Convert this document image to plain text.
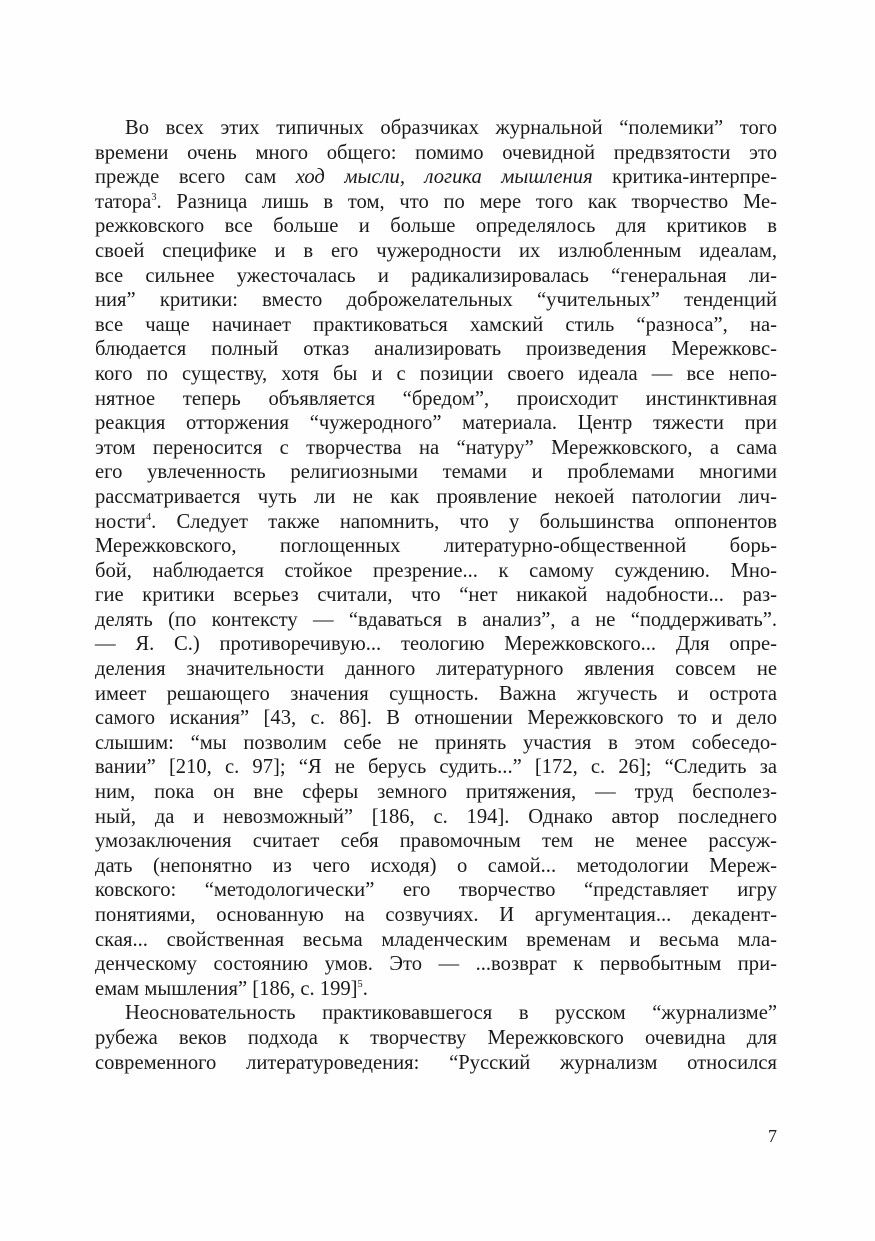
Во всех этих типичных образчиках журнальной “полемики” того
времени очень много общего: помимо очевидной предвзятости это
прежде всего сам ход мысли, логика мышления критика-интерпре-
татора$^3$. Разница лишь в том, что по мере того как творчество Ме-
режковского все больше и больше определялось для критиков в
своей специфике и в его чужеродности их излюбленным идеалам,
все сильнее ужесточалась и радикализировалась “генеральная ли-
ния” критики: вместо доброжелательных “учительных” тенденций
все чаще начинает практиковаться хамский стиль “разноса”, на-
блюдается полный отказ анализировать произведения Мережковс-
кого по существу, хотя бы и с позиции своего идеала — все непо-
нятное теперь объявляется “бредом”, происходит инстинктивная
реакция отторжения “чужеродного” материала. Центр тяжести при
этом переносится с творчества на “натуру” Мережковского, а сама
его увлеченность религиозными темами и проблемами многими
рассматривается чуть ли не как проявление некоей патологии лич-
ности$^4$. Следует также напомнить, что у большинства оппонентов
Мережковского, поглощенных литературно-общественной борь-
бой, наблюдается стойкое презрение... к самому суждению. Мно-
гие критики всерьез считали, что “нет никакой надобности... раз-
делять (по контексту — “вдаваться в анализ”, а не “поддерживать”.
— Я. С.) противоречивую... теологию Мережковского... Для опре-
деления значительности данного литературного явления совсем не
имеет решающего значения сущность. Важна жгучесть и острота
самого искания” [43, с. 86]. В отношении Мережковского то и дело
слышим: “мы позволим себе не принять участия в этом собеседо-
вании” [210, с. 97]; “Я не берусь судить...” [172, с. 26]; “Следить за
ним, пока он вне сферы земного притяжения, — труд бесполез-
ный, да и невозможный” [186, с. 194]. Однако автор последнего
умозаключения считает себя правомочным тем не менее рассуж-
дать (непонятно из чего исходя) о самой... методологии Мереж-
ковского: “методологически” его творчество “представляет игру
понятиями, основанную на созвучиях. И аргументация... декадент-
ская... свойственная весьма младенческим временам и весьма мла-
денческому состоянию умов. Это — ...возврат к первобытным при-
емам мышления” [186, с. 199]$^5$.
Неосновательность практиковавшегося в русском “журнализме”
рубежа веков подхода к творчеству Мережковского очевидна для
современного литературоведения: “Русский журнализм относился
7
